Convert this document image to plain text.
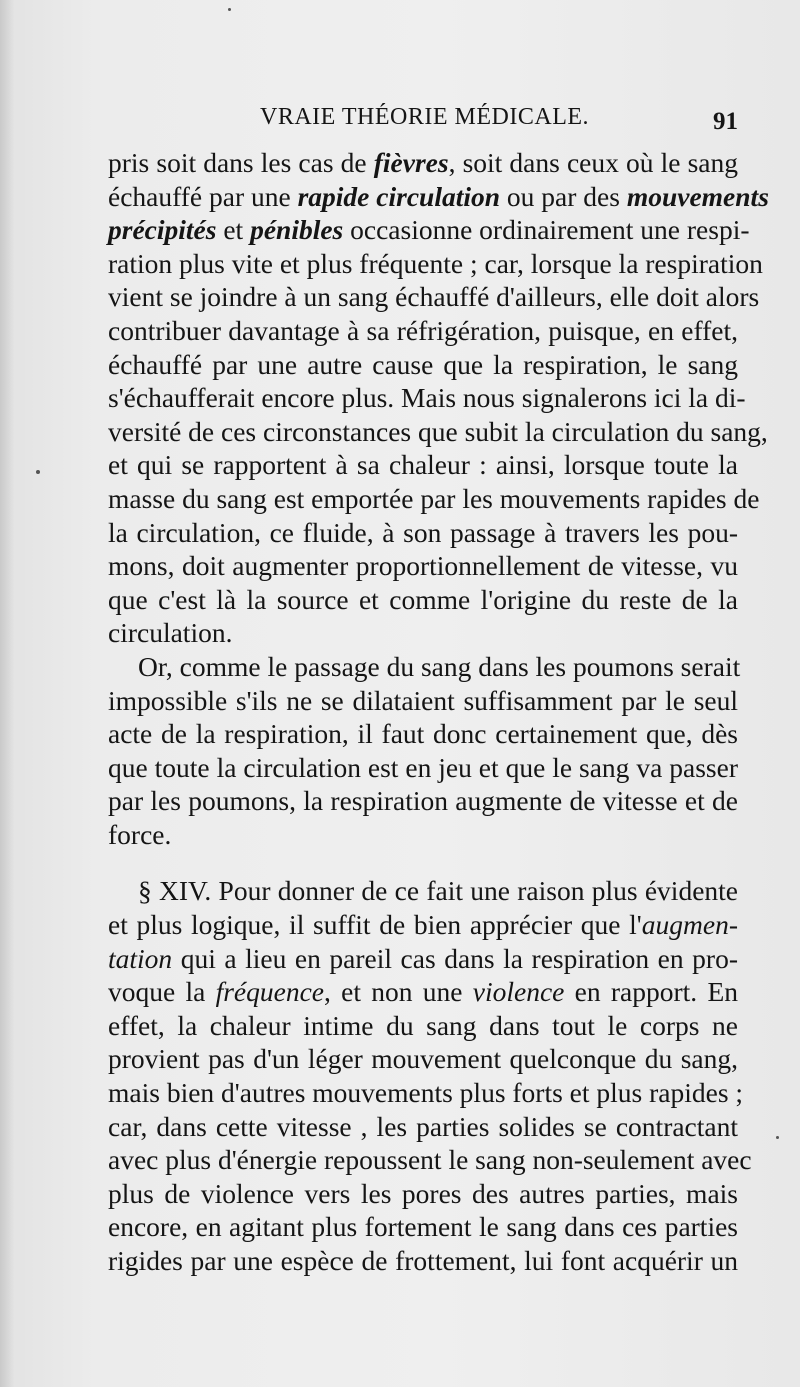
VRAIE THÉORIE MÉDICALE.	91
pris soit dans les cas de fièvres, soit dans ceux où le sang
échauffé par une rapide circulation ou par des mouvements
précipités et pénibles occasionne ordinairement une respi-
ration plus vite et plus fréquente ; car, lorsque la respiration
vient se joindre à un sang échauffé d'ailleurs, elle doit alors
contribuer davantage à sa réfrigération, puisque, en effet,
échauffé par une autre cause que la respiration, le sang
s'échaufferait encore plus. Mais nous signalerons ici la di-
versité de ces circonstances que subit la circulation du sang,
et qui se rapportent à sa chaleur : ainsi, lorsque toute la
masse du sang est emportée par les mouvements rapides de
la circulation, ce fluide, à son passage à travers les pou-
mons, doit augmenter proportionnellement de vitesse, vu
que c'est là la source et comme l'origine du reste de la
circulation.
Or, comme le passage du sang dans les poumons serait
impossible s'ils ne se dilataient suffisamment par le seul
acte de la respiration, il faut donc certainement que, dès
que toute la circulation est en jeu et que le sang va passer
par les poumons, la respiration augmente de vitesse et de
force.
§ XIV. Pour donner de ce fait une raison plus évidente
et plus logique, il suffit de bien apprécier que l'augmen-
tation qui a lieu en pareil cas dans la respiration en pro-
voque la fréquence, et non une violence en rapport. En
effet, la chaleur intime du sang dans tout le corps ne
provient pas d'un léger mouvement quelconque du sang,
mais bien d'autres mouvements plus forts et plus rapides ;
car, dans cette vitesse , les parties solides se contractant
avec plus d'énergie repoussent le sang non-seulement avec
plus de violence vers les pores des autres parties, mais
encore, en agitant plus fortement le sang dans ces parties
rigides par une espèce de frottement, lui font acquérir un
